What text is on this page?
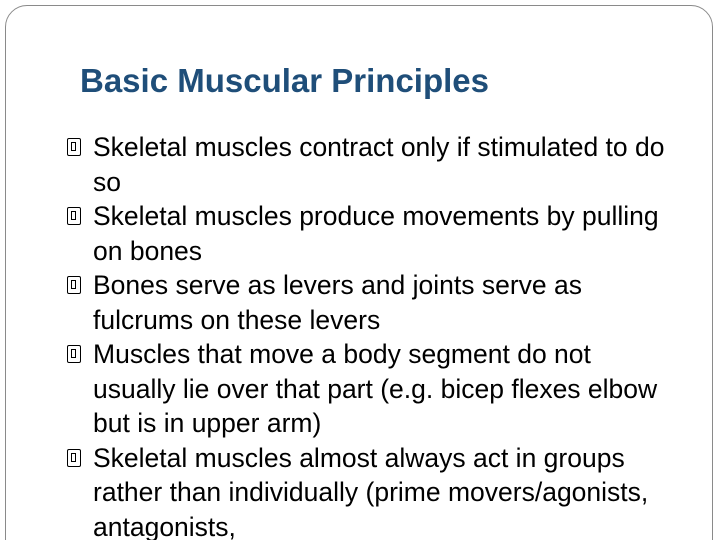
Basic Muscular Principles
Skeletal muscles contract only if stimulated to do so
Skeletal muscles produce movements by pulling on bones
Bones serve as levers and joints serve as fulcrums on these levers
Muscles that move a body segment do not usually lie over that part (e.g. bicep flexes elbow but is in upper arm)
Skeletal muscles almost always act in groups rather than individually (prime movers/agonists, antagonists,
